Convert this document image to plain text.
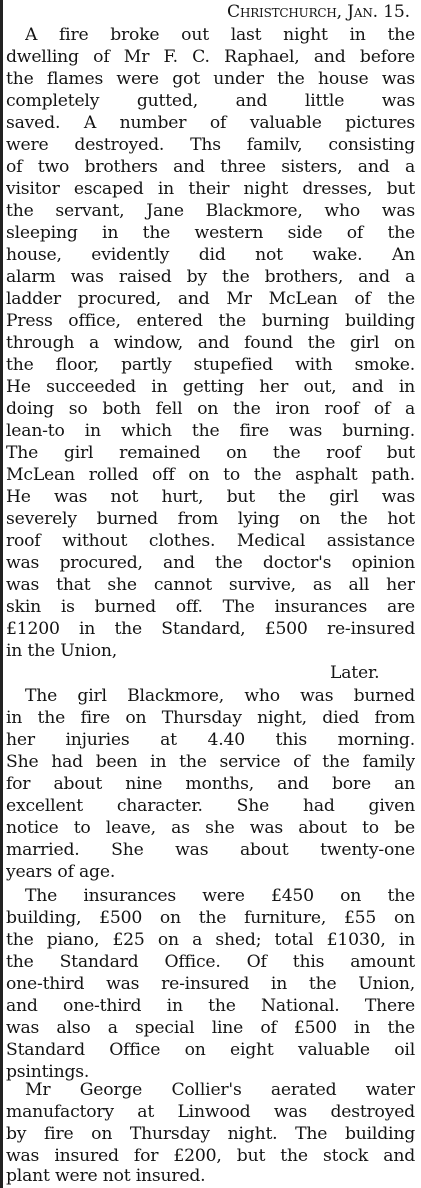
Christchurch, Jan. 15.
A fire broke out last night in the
dwelling of Mr F. C. Raphael, and before
the flames were got under the house was
completely gutted, and little was
saved. A number of valuable pictures
were destroyed. Ths familv, consisting
of two brothers and three sisters, and a
visitor escaped in their night dresses, but
the servant, Jane Blackmore, who was
sleeping in the western side of the
house, evidently did not wake. An
alarm was raised by the brothers, and a
ladder procured, and Mr McLean of the
Press office, entered the burning building
through a window, and found the girl on
the floor, partly stupefied with smoke.
He succeeded in getting her out, and in
doing so both fell on the iron roof of a
lean-to in which the fire was burning.
The girl remained on the roof but
McLean rolled off on to the asphalt path.
He was not hurt, but the girl was
severely burned from lying on the hot
roof without clothes. Medical assistance
was procured, and the doctor's opinion
was that she cannot survive, as all her
skin is burned off. The insurances are
£1200 in the Standard, £500 re-insured
in the Union,
Later.
The girl Blackmore, who was burned
in the fire on Thursday night, died from
her injuries at 4.40 this morning.
She had been in the service of the family
for about nine months, and bore an
excellent character. She had given
notice to leave, as she was about to be
married. She was about twenty-one
years of age.
The insurances were £450 on the
building, £500 on the furniture, £55 on
the piano, £25 on a shed; total £1030, in
the Standard Office. Of this amount
one-third was re-insured in the Union,
and one-third in the National. There
was also a special line of £500 in the
Standard Office on eight valuable oil
psintings.
Mr George Collier's aerated water
manufactory at Linwood was destroyed
by fire on Thursday night. The building
was insured for £200, but the stock and
plant were not insured.
